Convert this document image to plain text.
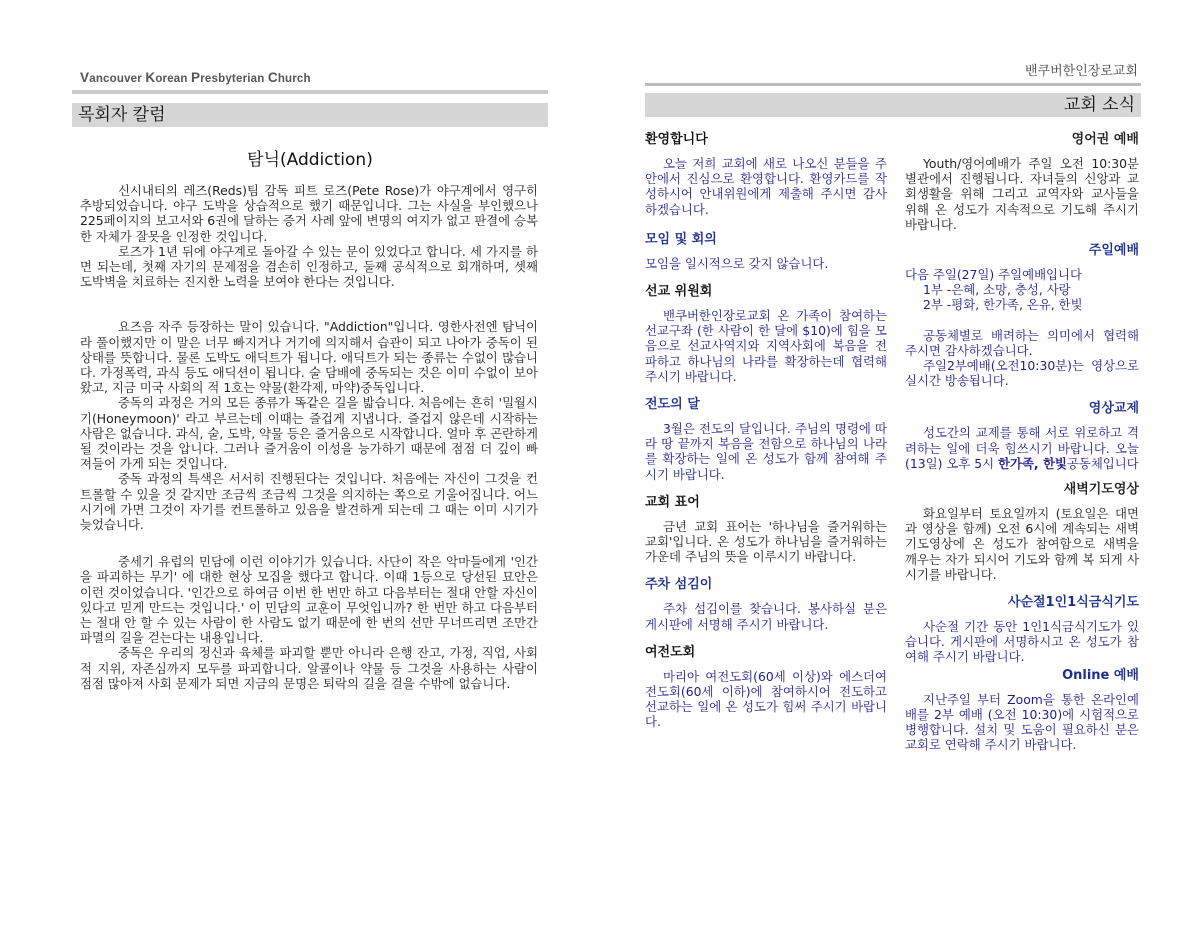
Vancouver Korean Presbyterian Church
목회자 칼럼
탐닉(Addiction)

신시내티의 레즈(Reds)팀 감독 피트 로즈(Pete Rose)가 야구계에서 영구히 추방되었습니다. 야구 도박을 상습적으로 했기 때문입니다. 그는 사실을 부인했으나 225페이지의 보고서와 6권에 달하는 증거 사례 앞에 변명의 여지가 없고 판결에 승복한 자체가 잘못을 인정한 것입니다.

로즈가 1년 뒤에 야구계로 돌아갈 수 있는 문이 있었다고 합니다. 세 가지를 하면 되는데, 첫째 자기의 문제점을 겸손히 인정하고, 둘째 공식적으로 회개하며, 셋째 도박벽을 치료하는 진지한 노력을 보여야 한다는 것입니다.

요즈음 자주 등장하는 말이 있습니다. "Addiction"입니다. 영한사전엔 탐닉이라 풀이했지만 이 말은 너무 빠지거나 거기에 의지해서 습관이 되고 나아가 중독이 된 상태를 뜻합니다. 물론 도박도 애딕트가 됩니다. 애딕트가 되는 종류는 수없이 많습니다. 가정폭력, 과식 등도 애딕션이 됩니다. 술 담배에 중독되는 것은 이미 수없이 보아 왔고, 지금 미국 사회의 적 1호는 약물(환각제, 마약)중독입니다.

중독의 과정은 거의 모든 종류가 똑같은 길을 밟습니다. 처음에는 흔히 '밀월시기(Honeymoon)' 라고 부르는데 이때는 즐겁게 지냅니다. 즐겁지 않은데 시작하는 사람은 없습니다. 과식, 술, 도박, 약물 등은 즐거움으로 시작합니다. 얼마 후 곤란하게 될 것이라는 것을 압니다. 그러나 즐거움이 이성을 능가하기 때문에 점점 더 깊이 빠져들어 가게 되는 것입니다.

중독 과정의 특색은 서서히 진행된다는 것입니다. 처음에는 자신이 그것을 컨트롤할 수 있을 것 같지만 조금씩 조금씩 그것을 의지하는 쪽으로 기울어집니다. 어느 시기에 가면 그것이 자기를 컨트롤하고 있음을 발견하게 되는데 그 때는 이미 시기가 늦었습니다.

중세기 유럽의 민담에 이런 이야기가 있습니다. 사단이 작은 악마들에게 '인간을 파괴하는 무기' 에 대한 현상 모집을 했다고 합니다. 이때 1등으로 당선된 묘안은 이런 것이었습니다. '인간으로 하여금 이번 한 번만 하고 다음부터는 절대 안할 자신이 있다고 믿게 만드는 것입니다.' 이 민담의 교훈이 무엇입니까? 한 번만 하고 다음부터는 절대 안 할 수 있는 사람이 한 사람도 없기 때문에 한 번의 선만 무너뜨리면 조만간 파멸의 길을 걷는다는 내용입니다.

중독은 우리의 정신과 육체를 파괴할 뿐만 아니라 은행 잔고, 가정, 직업, 사회적 지위, 자존심까지 모두를 파괴합니다. 알콜이나 약물 등 그것을 사용하는 사람이 점점 많아져 사회 문제가 되면 지금의 문명은 퇴락의 길을 걸을 수밖에 없습니다.

밴쿠버한인장로교회
교회 소식
환영합니다

오늘 저희 교회에 새로 나오신 분들을 주 안에서 진심으로 환영합니다. 환영카드를 작성하시어 안내위원에게 제출해 주시면 감사하겠습니다.

모임 및 회의

모임을 일시적으로 갖지 않습니다.

선교 위원회

밴쿠버한인장로교회 온 가족이 참여하는 선교구좌 (한 사람이 한 달에 $10)에 힘을 모음으로 선교사역지와 지역사회에 복음을 전파하고 하나님의 나라를 확장하는데 협력해 주시기 바랍니다.

전도의 달

3월은 전도의 달입니다. 주님의 명령에 따라 땅 끝까지 복음을 전함으로 하나님의 나라를 확장하는 일에 온 성도가 함께 참여해 주시기 바랍니다.

교회 표어

금년 교회 표어는 '하나님을 즐거워하는 교회'입니다. 온 성도가 하나님을 즐거워하는 가운데 주님의 뜻을 이루시기 바랍니다.

주차 섬김이

주차 섬김이를 찾습니다. 봉사하실 분은 게시판에 서명해 주시기 바랍니다.

여전도회

마리아 여전도회(60세 이상)와 에스더여전도회(60세 이하)에 참여하시어 전도하고 선교하는 일에 온 성도가 힘써 주시기 바랍니다.

영어권 예배

Youth/영어예배가 주일 오전 10:30분 별관에서 진행됩니다. 자녀들의 신앙과 교회생활을 위해 그리고 교역자와 교사들을 위해 온 성도가 지속적으로 기도해 주시기 바랍니다.

주일예배
다음 주일(27일) 주일예배입니다
1부 -은혜, 소망, 충성, 사랑
2부 -평화, 한가족, 온유, 한빛

공동체별로 배려하는 의미에서 협력해 주시면 감사하겠습니다.

주일2부예배(오전10:30분)는 영상으로 실시간 방송됩니다.

영상교제

성도간의 교제를 통해 서로 위로하고 격려하는 일에 더욱 힘쓰시기 바랍니다. 오늘(13일) 오후 5시 한가족, 한빛공동체입니다

새벽기도영상

화요일부터 토요일까지 (토요일은 대면과 영상을 함께) 오전 6시에 계속되는 새벽기도영상에 온 성도가 참여함으로 새벽을 깨우는 자가 되시어 기도와 함께 복 되게 사시기를 바랍니다.

사순절1인1식금식기도

사순절 기간 동안 1인1식금식기도가 있습니다. 게시판에 서명하시고 온 성도가 참여해 주시기 바랍니다.

Online 예배

지난주일 부터 Zoom을 통한 온라인예배를 2부 예배 (오전 10:30)에 시험적으로 병행합니다. 설치 및 도움이 필요하신 분은 교회로 연락해 주시기 바랍니다.
